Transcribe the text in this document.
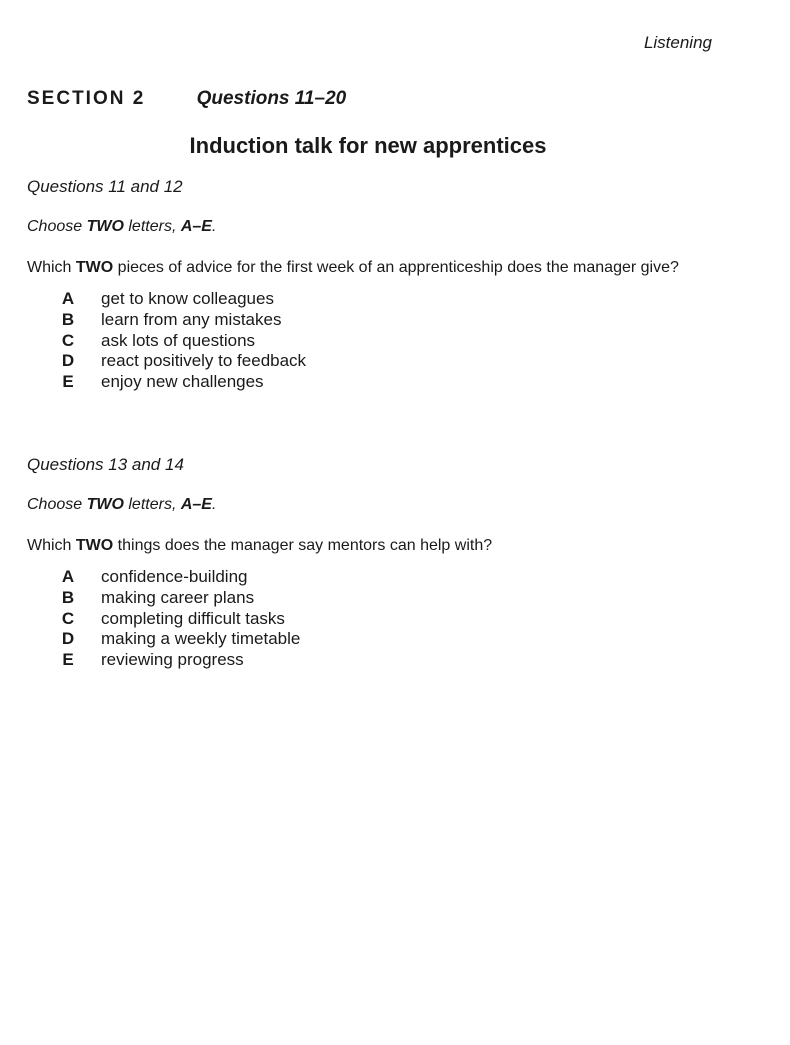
Listening
SECTION 2	Questions 11–20
Induction talk for new apprentices
Questions 11 and 12
Choose TWO letters, A–E.
Which TWO pieces of advice for the first week of an apprenticeship does the manager give?
A get to know colleagues
B learn from any mistakes
C ask lots of questions
D react positively to feedback
E enjoy new challenges
Questions 13 and 14
Choose TWO letters, A–E.
Which TWO things does the manager say mentors can help with?
A confidence-building
B making career plans
C completing difficult tasks
D making a weekly timetable
E reviewing progress
